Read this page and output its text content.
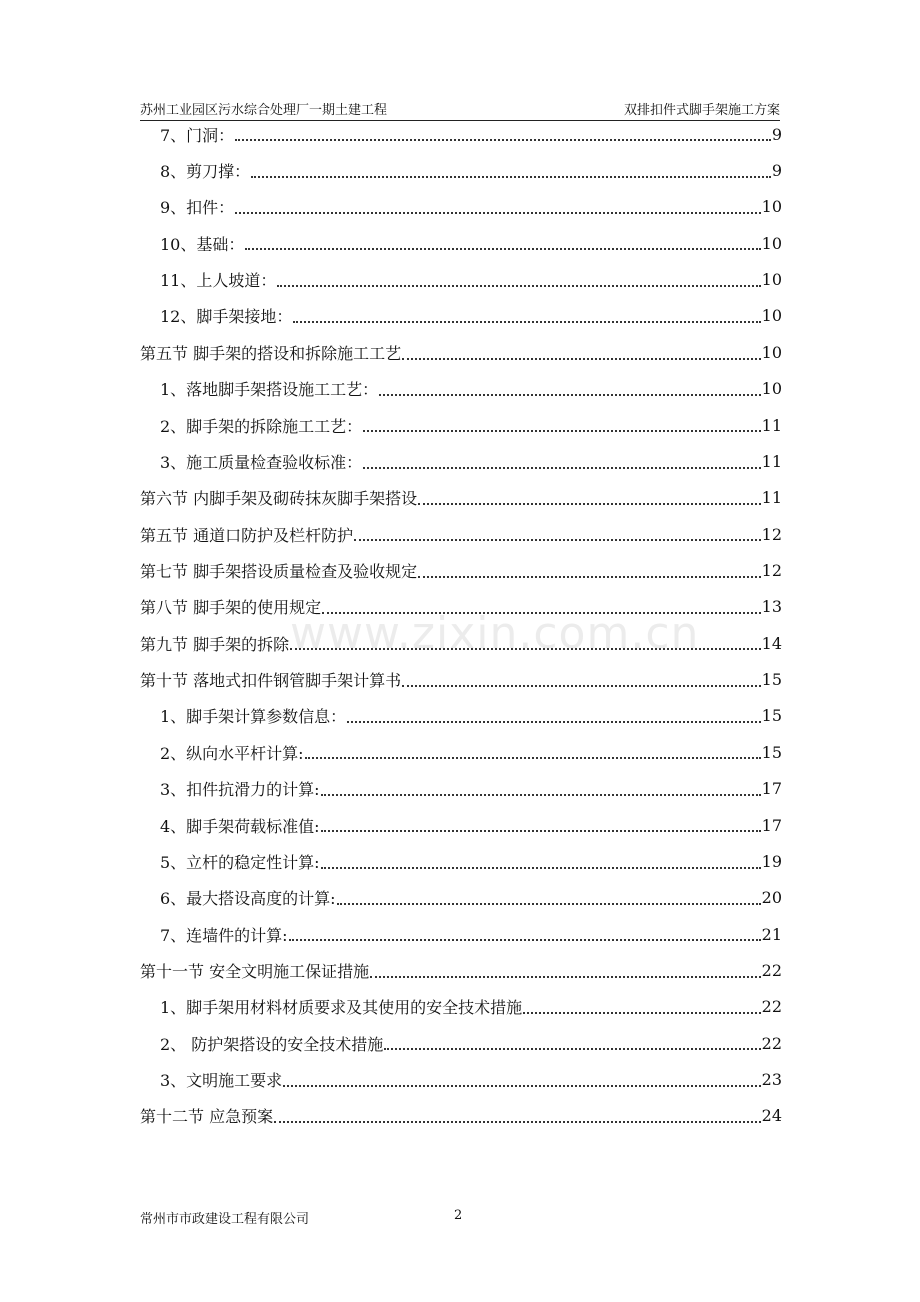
苏州工业园区污水综合处理厂一期土建工程	双排扣件式脚手架施工方案
7、门洞：	9
8、剪刀撑：	9
9、扣件：	10
10、基础：	10
11、上人坡道：	10
12、脚手架接地：	10
第五节 脚手架的搭设和拆除施工工艺	10
1、落地脚手架搭设施工工艺：	10
2、脚手架的拆除施工工艺：	11
3、施工质量检查验收标准：	11
第六节 内脚手架及砌砖抹灰脚手架搭设	11
第五节 通道口防护及栏杆防护	12
第七节 脚手架搭设质量检查及验收规定	12
第八节 脚手架的使用规定	13
第九节 脚手架的拆除	14
第十节 落地式扣件钢管脚手架计算书	15
1、脚手架计算参数信息：	15
2、纵向水平杆计算:	15
3、扣件抗滑力的计算:	17
4、脚手架荷载标准值:	17
5、立杆的稳定性计算:	19
6、最大搭设高度的计算:	20
7、连墙件的计算:	21
第十一节 安全文明施工保证措施	22
1、脚手架用材料材质要求及其使用的安全技术措施	22
2、 防护架搭设的安全技术措施	22
3、文明施工要求	23
第十二节 应急预案	24
www.zixin.com.cn
常州市市政建设工程有限公司	2
